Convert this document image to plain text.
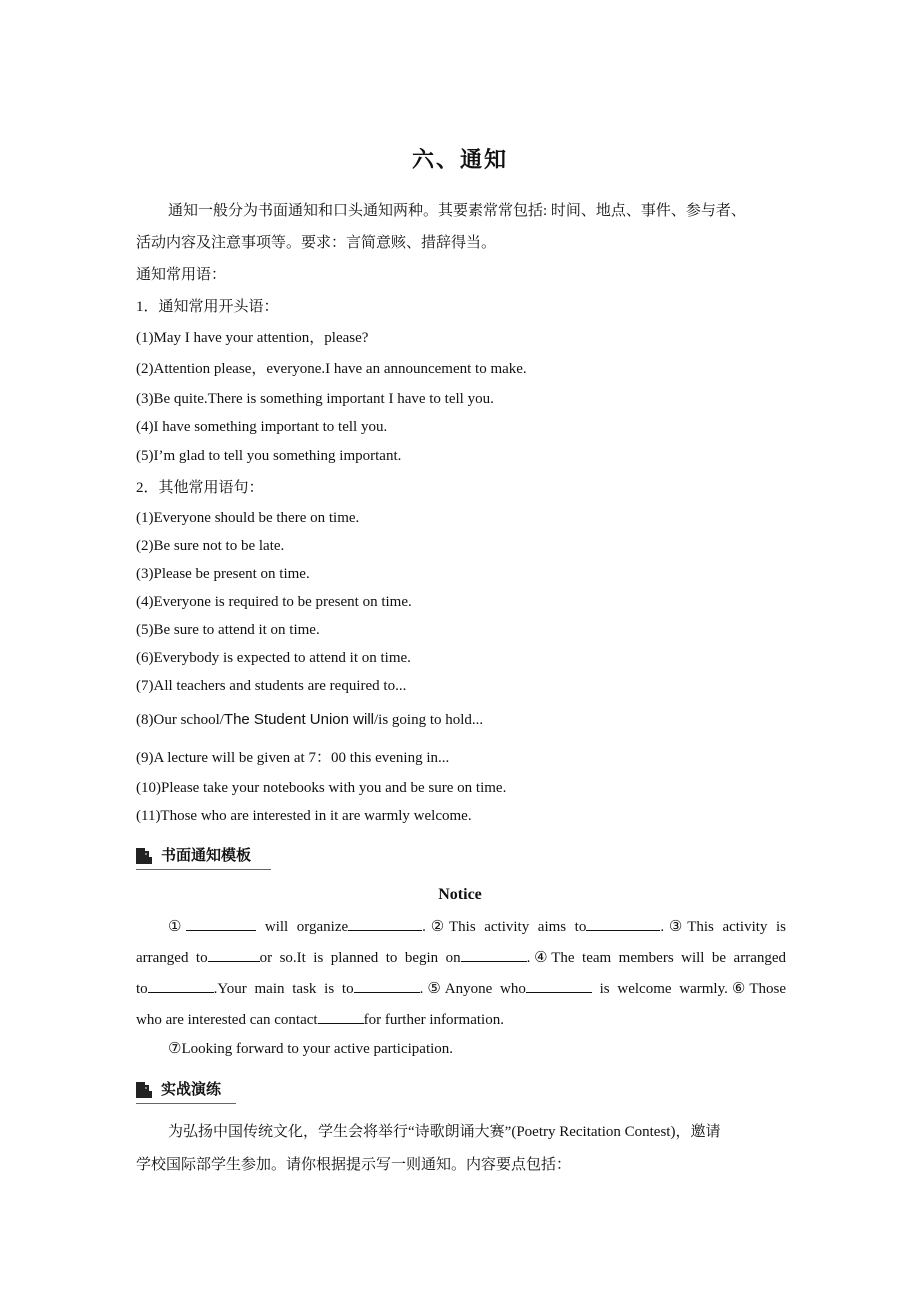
六、通知
通知一般分为书面通知和口头通知两种。其要素常常包括: 时间、地点、事件、参与者、
活动内容及注意事项等。要求：言简意赅、措辞得当。
通知常用语：
1．通知常用开头语：
(1)May I have your attention，please?
(2)Attention please，everyone.I have an announcement to make.
(3)Be quite.There is something important I have to tell you.
(4)I have something important to tell you.
(5)I’m glad to tell you something important.
2．其他常用语句：
(1)Everyone should be there on time.
(2)Be sure not to be late.
(3)Please be present on time.
(4)Everyone is required to be present on time.
(5)Be sure to attend it on time.
(6)Everybody is expected to attend it on time.
(7)All teachers and students are required to...
(8)Our school/The Student Union will/is going to hold...
(9)A lecture will be given at 7：00 this evening in...
(10)Please take your notebooks with you and be sure on time.
(11)Those who are interested in it are warmly welcome.
书面通知模板
Notice
①	will organize	.②This activity aims to	.③This activity is
arranged to	or so.It is planned to begin on	.④The team members will be arranged
to	.Your main task is to	.⑤Anyone who	is welcome warmly.⑥Those
who are interested can contact	for further information.
⑦Looking forward to your active participation.
实战演练
为弘扬中国传统文化，学生会将举行“诗歌朗诵大赛”(Poetry Recitation Contest)，邀请
学校国际部学生参加。请你根据提示写一则通知。内容要点包括：
